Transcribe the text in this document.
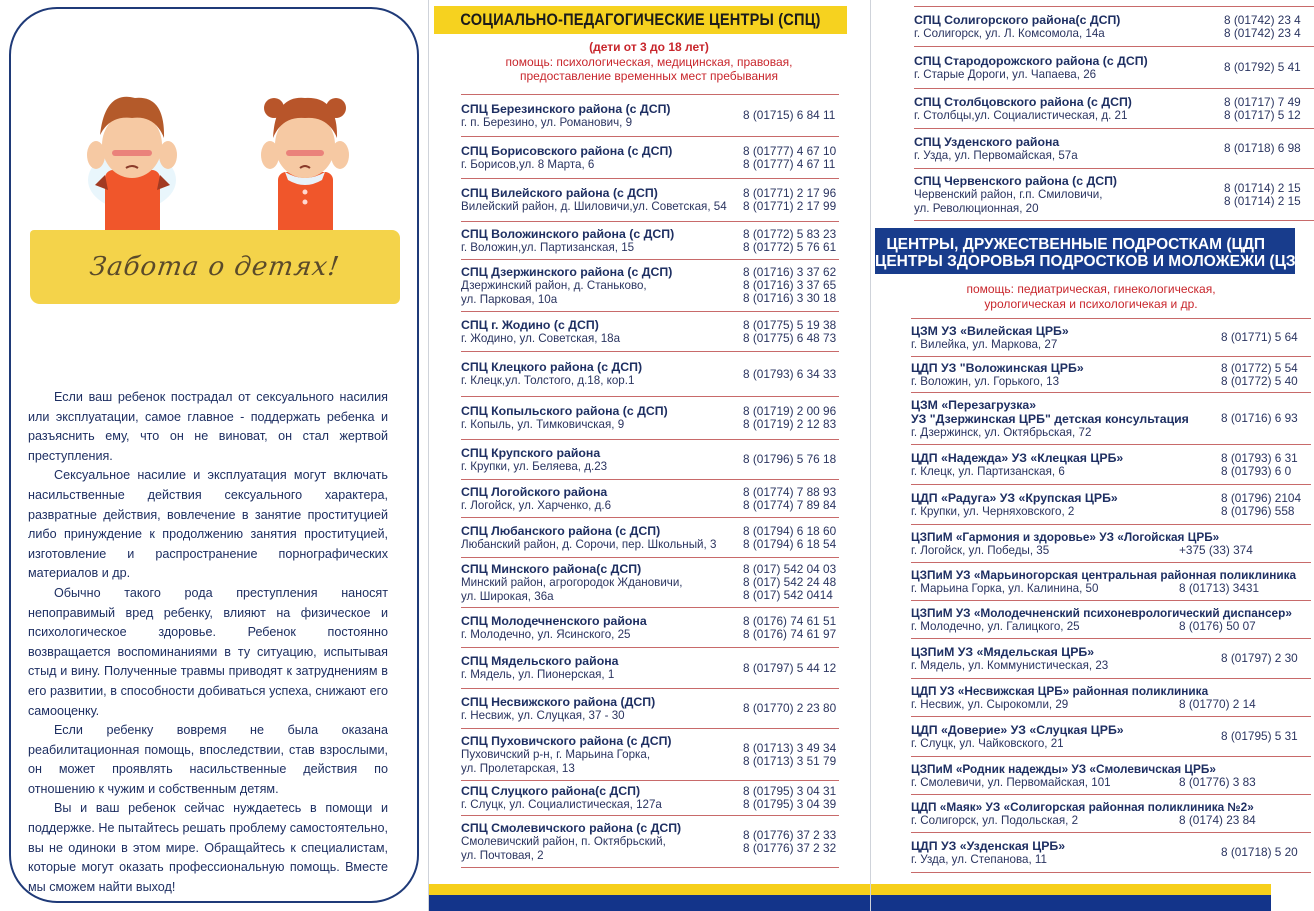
Забота о детях!

Если ваш ребенок пострадал от сексуального насилия или эксплуатации, самое главное - поддержать ребенка и разъяснить ему, что он не виноват, он стал жертвой преступления.

Сексуальное насилие и эксплуатация могут включать насильственные действия сексуального характера, развратные действия, вовлечение в занятие проституцией либо принуждение к продолжению занятия проституцией, изготовление и распространение порнографических материалов и др.

Обычно такого рода преступления наносят непоправимый вред ребенку, влияют на физическое и психологическое здоровье. Ребенок постоянно возвращается воспоминаниями в ту ситуацию, испытывая стыд и вину. Полученные травмы приводят к затруднениям в его развитии, в способности добиваться успеха, снижают его самооценку.

Если ребенку вовремя не была оказана реабилитационная помощь, впоследствии, став взрослыми, он может проявлять насильственные действия по отношению к чужим и собственным детям.

Вы и ваш ребенок сейчас нуждаетесь в помощи и поддержке. Не пытайтесь решать проблему самостоятельно, вы не одиноки в этом мире. Обращайтесь к специалистам, которые могут оказать профессиональную помощь. Вместе мы сможем найти выход!

СОЦИАЛЬНО-ПЕДАГОГИЧЕСКИЕ ЦЕНТРЫ (СПЦ)
(дети от 3 до 18 лет)
помощь: психологическая, медицинская, правовая,
предоставление временных мест пребывания
СПЦ Березинского района (с ДСП)
г. п. Березино, ул. Романович, 9
8 (01715) 6 84 11
СПЦ Борисовского района (с ДСП)
г. Борисов,ул. 8 Марта, 6
8 (01777) 4 67 10
8 (01777) 4 67 11
СПЦ Вилейского района (с ДСП)
Вилейский район, д. Шиловичи,ул. Советская, 54
8 (01771) 2 17 96
8 (01771) 2 17 99
СПЦ Воложинского района (с ДСП)
г. Воложин,ул. Партизанская, 15
8 (01772) 5 83 23
8 (01772) 5 76 61
СПЦ Дзержинского района (с ДСП)
Дзержинский район, д. Станьково,
ул. Парковая, 10а
8 (01716) 3 37 62
8 (01716) 3 37 65
8 (01716) 3 30 18
СПЦ г. Жодино (с ДСП)
г. Жодино, ул. Советская, 18а
8 (01775) 5 19 38
8 (01775) 6 48 73
СПЦ Клецкого района (с ДСП)
г. Клецк,ул. Толстого, д.18, кор.1
8 (01793) 6 34 33
СПЦ Копыльского района (с ДСП)
г. Копыль, ул. Тимковичская, 9
8 (01719) 2 00 96
8 (01719) 2 12 83
СПЦ Крупского района
г. Крупки, ул. Беляева, д.23
8 (01796) 5 76 18
СПЦ Логойского района
г. Логойск, ул. Харченко, д.6
8 (01774) 7 88 93
8 (01774) 7 89 84
СПЦ Любанского района (с ДСП)
Любанский район, д. Сорочи, пер. Школьный, 3
8 (01794) 6 18 60
8 (01794) 6 18 54
СПЦ Минского района(с ДСП)
Минский район, агрогородок Ждановичи,
ул. Широкая, 36а
8 (017) 542 04 03
8 (017) 542 24 48
8 (017) 542 0414
СПЦ Молодечненского района
г. Молодечно, ул. Ясинского, 25
8 (0176) 74 61 51
8 (0176) 74 61 97
СПЦ Мядельского района
г. Мядель, ул. Пионерская, 1
8 (01797) 5 44 12
СПЦ Несвижского района (ДСП)
г. Несвиж, ул. Слуцкая, 37 - 30
8 (01770) 2 23 80
СПЦ Пуховичского района (с ДСП)
Пуховичский р-н, г. Марьина Горка,
ул. Пролетарская, 13
8 (01713) 3 49 34
8 (01713) 3 51 79
СПЦ Слуцкого района(с ДСП)
г. Слуцк, ул. Социалистическая, 127а
8 (01795) 3 04 31
8 (01795) 3 04 39
СПЦ Смолевичского района (с ДСП)
Смолевичский район, п. Октябрьский,
ул. Почтовая, 2
8 (01776) 37 2 33
8 (01776) 37 2 32
СПЦ Солигорского района(с ДСП)
г. Солигорск, ул. Л. Комсомола, 14а
8 (01742) 23 4
8 (01742) 23 4
СПЦ Стародорожского района (с ДСП)
г. Старые Дороги, ул. Чапаева, 26
8 (01792) 5 41
СПЦ Столбцовского района (с ДСП)
г. Столбцы,ул. Социалистическая, д. 21
8 (01717) 7 49
8 (01717) 5 12
СПЦ Узденского района
г. Узда, ул. Первомайская, 57а
8 (01718) 6 98
СПЦ Червенского района (с ДСП)
Червенский район, г.п. Смиловичи,
ул. Революционная, 20
8 (01714) 2 15
8 (01714) 2 15
ЦЕНТРЫ, ДРУЖЕСТВЕННЫЕ ПОДРОСТКАМ (ЦДП
ЦЕНТРЫ ЗДОРОВЬЯ ПОДРОСТКОВ И МОЛОЖЕЖИ (ЦЗ
помощь: педиатрическая, гинекологическая,
урологическая и психологичекая и др.
ЦЗМ УЗ «Вилейская ЦРБ»
г. Вилейка, ул. Маркова, 27
8 (01771) 5 64
ЦДП УЗ "Воложинская ЦРБ»
г. Воложин, ул. Горького, 13
8 (01772) 5 54
8 (01772) 5 40
ЦЗМ «Перезагрузка»
УЗ "Дзержинская ЦРБ" детская консультация
г. Дзержинск, ул. Октябрьская, 72
8 (01716) 6 93
ЦДП «Надежда» УЗ «Клецкая ЦРБ»
г. Клецк, ул. Партизанская, 6
8 (01793) 6 31
8 (01793) 6 0
ЦДП «Радуга» УЗ «Крупская ЦРБ»
г. Крупки, ул. Черняховского, 2
8 (01796) 2104
8 (01796) 558
ЦЗПиМ «Гармония и здоровье» УЗ «Логойская ЦРБ»
г. Логойск, ул. Победы, 35	+375 (33) 374
ЦЗПиМ УЗ «Марьиногорская центральная районная поликлиника
г. Марьина Горка, ул. Калинина, 50	8 (01713) 3431
ЦЗПиМ УЗ «Молодечненский психоневрологический диспансер»
г. Молодечно, ул. Галицкого, 25	8 (0176) 50 07
ЦЗПиМ УЗ «Мядельская ЦРБ»
г. Мядель, ул. Коммунистическая, 23
8 (01797) 2 30
ЦДП УЗ «Несвижская ЦРБ» районная поликлиника
г. Несвиж, ул. Сырокомли, 29	8 (01770) 2 14
ЦДП «Доверие» УЗ «Слуцкая ЦРБ»
г. Слуцк, ул. Чайковского, 21
8 (01795) 5 31
ЦЗПиМ «Родник надежды» УЗ «Смолевичская ЦРБ»
г. Смолевичи, ул. Первомайская, 101	8 (01776) 3 83
ЦДП «Маяк» УЗ «Солигорская районная поликлиника №2»
г. Солигорск, ул. Подольская, 2	8 (0174) 23 84
ЦДП УЗ «Узденская ЦРБ»
г. Узда, ул. Степанова, 11
8 (01718) 5 20
